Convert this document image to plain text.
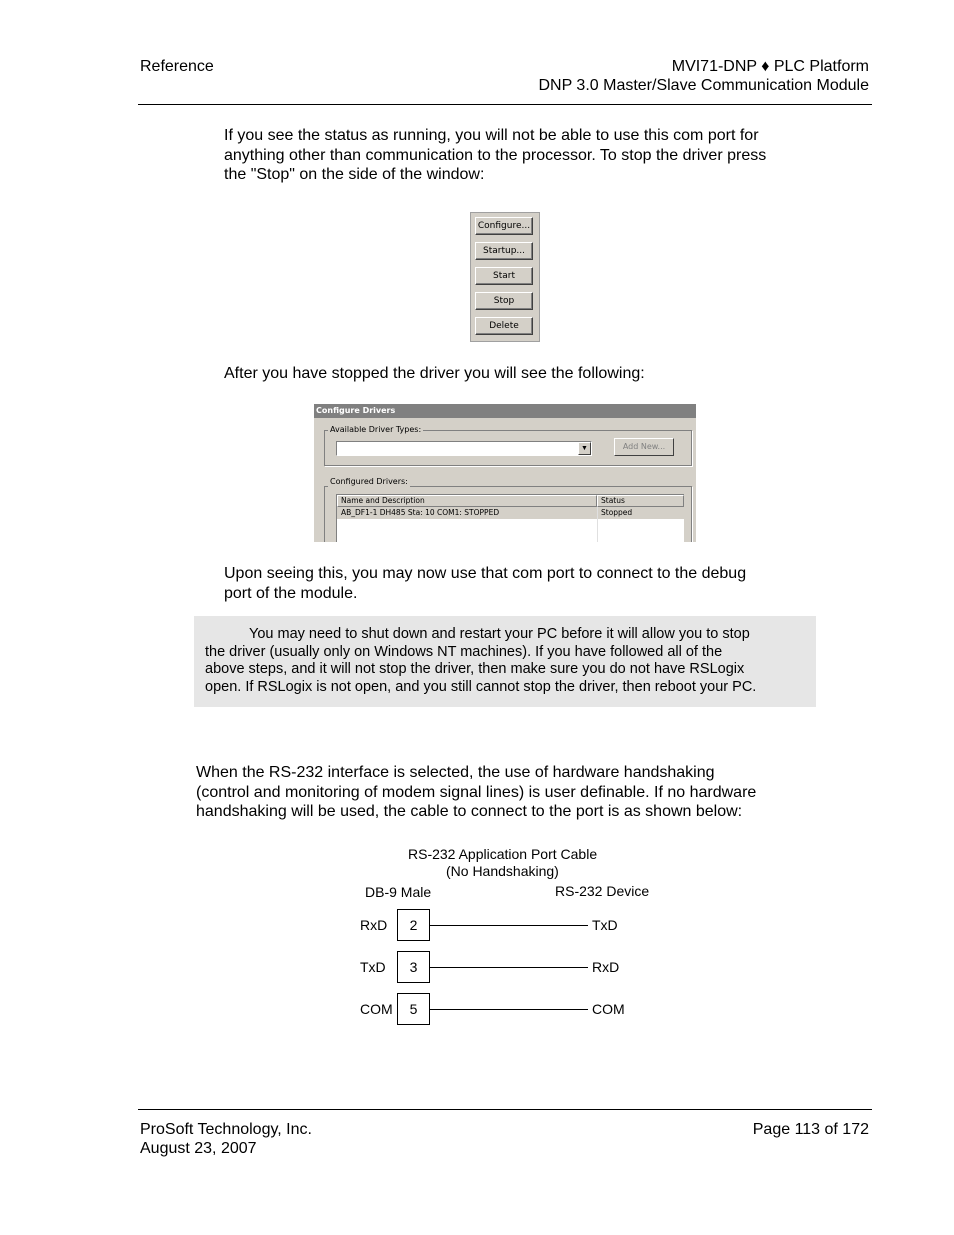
Reference	MVI71-DNP ♦ PLC Platform
DNP 3.0 Master/Slave Communication Module
If you see the status as running, you will not be able to use this com port for
anything other than communication to the processor. To stop the driver press
the "Stop" on the side of the window:
Configure...
Startup...
Start
Stop
Delete
After you have stopped the driver you will see the following:
Configure Drivers
Available Driver Types:
▼	Add New...
Configured Drivers:
Name and Description	Status
AB_DF1-1 DH485 Sta: 10 COM1: STOPPED	Stopped
Upon seeing this, you may now use that com port to connect to the debug
port of the module.
You may need to shut down and restart your PC before it will allow you to stop
the driver (usually only on Windows NT machines). If you have followed all of the
above steps, and it will not stop the driver, then make sure you do not have RSLogix
open. If RSLogix is not open, and you still cannot stop the driver, then reboot your PC.
When the RS-232 interface is selected, the use of hardware handshaking
(control and monitoring of modem signal lines) is user definable. If no hardware
handshaking will be used, the cable to connect to the port is as shown below:
RS-232 Application Port Cable
(No Handshaking)
DB-9 Male	RS-232 Device
RxD	2	TxD
TxD	3	RxD
COM	5	COM
ProSoft Technology, Inc.
August 23, 2007
Page 113 of 172
